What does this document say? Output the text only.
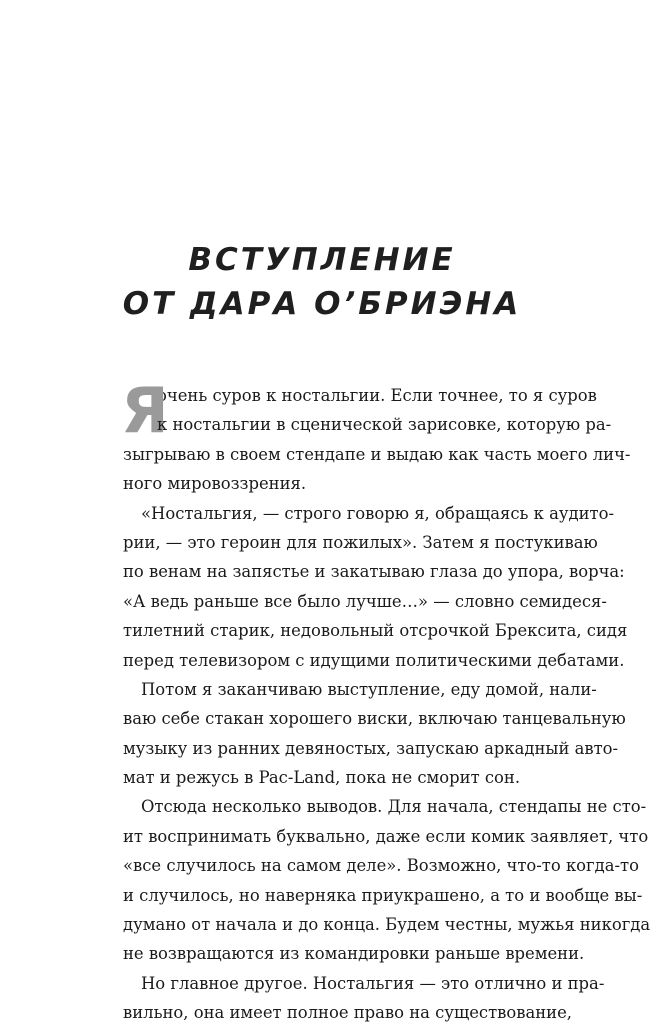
ВСТУПЛЕНИЕ
ОТ ДАРА О’БРИЭНА
Я
очень суров к ностальгии. Если точнее, то я суров
к ностальгии в сценической зарисовке, которую ра-
зыгрываю в своем стендапе и выдаю как часть моего лич-
ного мировоззрения.
«Ностальгия, — строго говорю я, обращаясь к аудито-
рии, — это героин для пожилых». Затем я постукиваю
по венам на запястье и закатываю глаза до упора, ворча:
«А ведь раньше все было лучше…» — словно семидеся-
тилетний старик, недовольный отсрочкой Брексита, сидя
перед телевизором с идущими политическими дебатами.
Потом я заканчиваю выступление, еду домой, нали-
ваю себе стакан хорошего виски, включаю танцевальную
музыку из ранних девяностых, запускаю аркадный авто-
мат и режусь в Pac-Land, пока не сморит сон.
Отсюда несколько выводов. Для начала, стендапы не сто-
ит воспринимать буквально, даже если комик заявляет, что
«все случилось на самом деле». Возможно, что-то когда-то
и случилось, но наверняка приукрашено, а то и вообще вы-
думано от начала и до конца. Будем честны, мужья никогда
не возвращаются из командировки раньше времени.
Но главное другое. Ностальгия — это отлично и пра-
вильно, она имеет полное право на существование,
